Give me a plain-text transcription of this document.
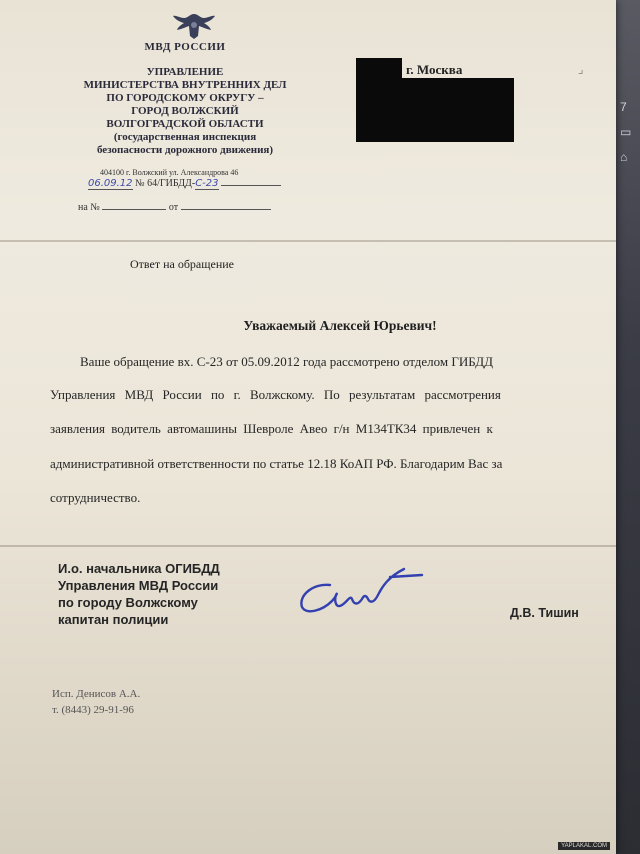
7
▭
⌂
МВД РОССИИ
УПРАВЛЕНИЕ
МИНИСТЕРСТВА ВНУТРЕННИХ ДЕЛ
ПО ГОРОДСКОМУ ОКРУГУ –
ГОРОД ВОЛЖСКИЙ
ВОЛГОГРАДСКОЙ ОБЛАСТИ
(государственная инспекция
безопасности дорожного движения)
404100 г. Волжский ул. Александрова 46
06.09.12 № 64/ГИБДД-С-23
на №	от
г. Москва	⌟
Ответ на обращение
Уважаемый Алексей Юрьевич!
Ваше обращение вх. С-23 от 05.09.2012 года рассмотрено отделом ГИБДД
Управления МВД России по г. Волжскому. По результатам рассмотрения
заявления водитель автомашины Шевроле Авео г/н М134ТК34 привлечен к
административной ответственности по статье 12.18 КоАП РФ. Благодарим Вас за
сотрудничество.
И.о. начальника ОГИБДД
Управления МВД России
по городу Волжскому
капитан полиции	Д.В. Тишин
Исп. Денисов А.А.
т. (8443) 29-91-96
YAPLAKAL.COM
